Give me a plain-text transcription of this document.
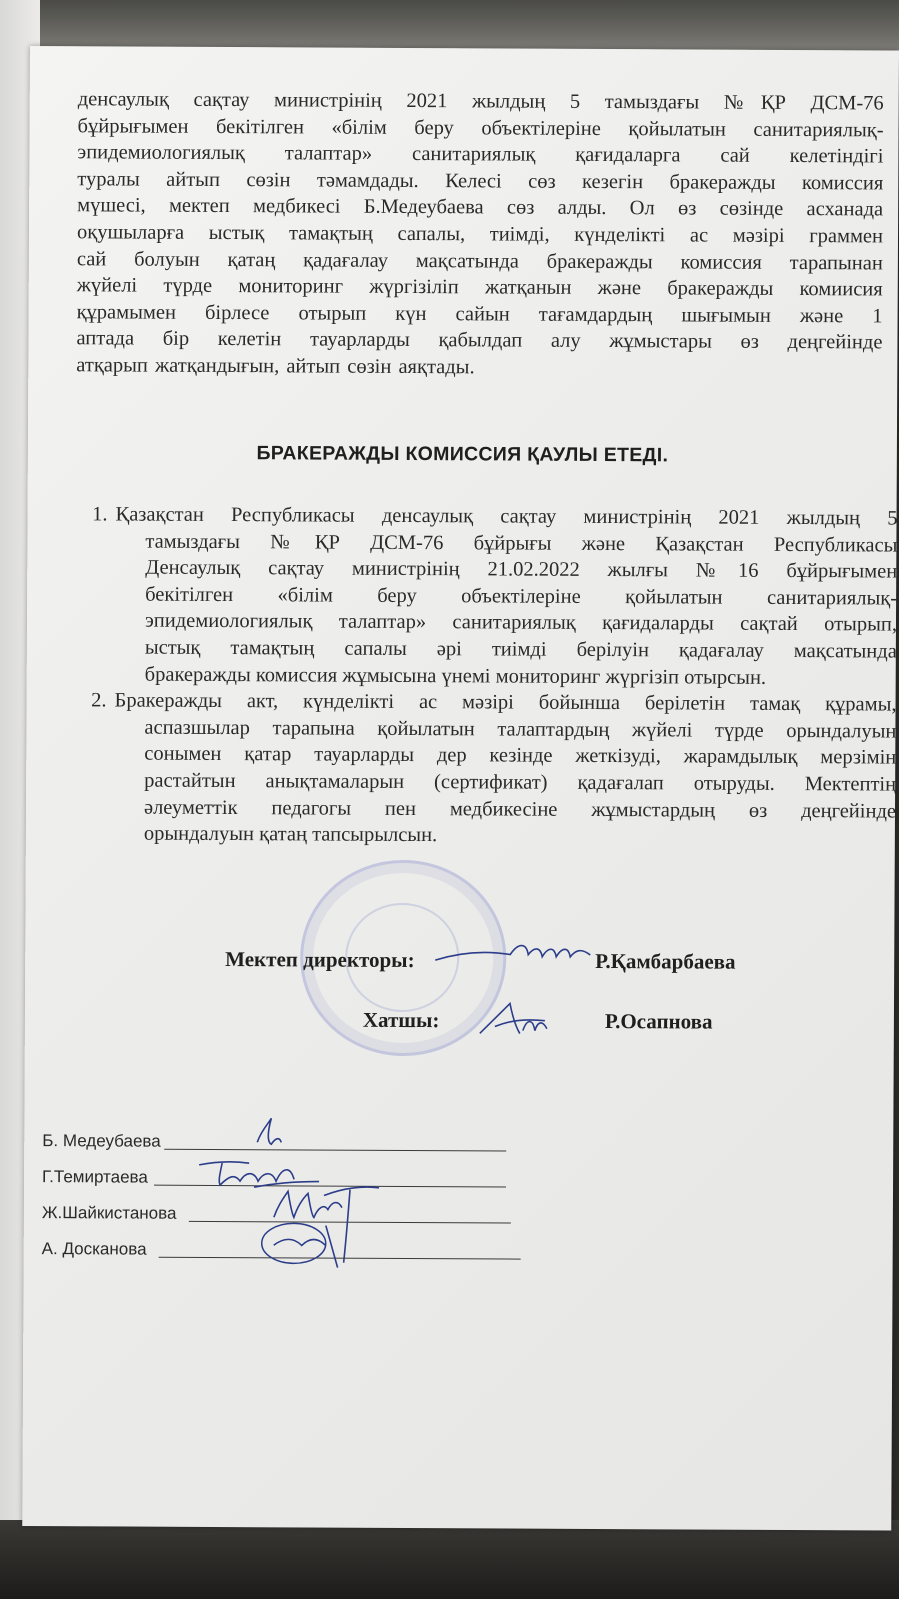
денсаулық сақтау министрінің 2021 жылдың 5 тамыздағы №ҚР ДСМ-76
бұйрығымен бекітілген «білім беру объектілеріне қойылатын санитариялық-
эпидемиологиялық талаптар» санитариялық қағидаларга сай келетіндігі
туралы айтып сөзін тәмамдады. Келесі сөз кезегін бракеражды комиссия
мүшесі, мектеп медбикесі Б.Медеубаева сөз алды. Ол өз сөзінде асханада
оқушыларға ыстық тамақтың сапалы, тиімді, күнделікті ас мәзірі граммен
сай болуын қатаң қадағалау мақсатында бракеражды комиссия тарапынан
жүйелі түрде мониторинг жүргізіліп жатқанын және бракеражды комиисия
құрамымен бірлесе отырып күн сайын тағамдардың шығымын және 1
аптада бір келетін тауарларды қабылдап алу жұмыстары өз деңгейінде
атқарып жатқандығын, айтып сөзін аяқтады.
БРАКЕРАЖДЫ КОМИССИЯ ҚАУЛЫ ЕТЕДІ.
1. Қазақстан Республикасы денсаулық сақтау министрінің 2021 жылдың 5
тамыздағы №ҚР ДСМ-76 бұйрығы және Қазақстан Республикасы
Денсаулық сақтау министрінің 21.02.2022 жылғы №16 бұйрығымен
бекітілген «білім беру объектілеріне қойылатын санитариялық-
эпидемиологиялық талаптар» санитариялық қағидаларды сақтай отырып,
ыстық тамақтың сапалы әрі тиімді берілуін қадағалау мақсатында
бракеражды комиссия жұмысына үнемі мониторинг жүргізіп отырсын.
2. Бракеражды акт, күнделікті ас мәзірі бойынша берілетін тамақ құрамы,
аспазшылар тарапына қойылатын талаптардың жүйелі түрде орындалуын
сонымен қатар тауарларды дер кезінде жеткізуді, жарамдылық мерзімін
растайтын анықтамаларын (сертификат) қадағалап отыруды. Мектептің
әлеуметтік педагогы пен медбикесіне жұмыстардың өз деңгейінде
орындалуын қатаң тапсырылсын.
Мектеп директоры:	Р.Қамбарбаева
Хатшы:	Р.Осапнова
Б. Медеубаева
Г.Темиртаева
Ж.Шайкистанова
А. Досканова
